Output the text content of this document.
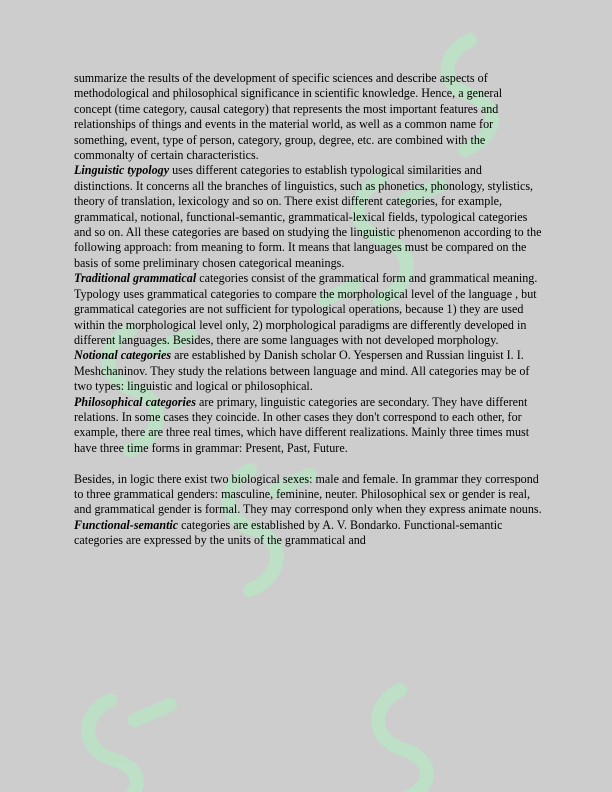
summarize the results of the development of specific sciences and describe aspects of methodological and philosophical significance in scientific knowledge. Hence, a general concept (time category, causal category) that represents the most important features and relationships of things and events in the material world, as well as a common name for something, event, type of person, category, group, degree, etc. are combined with the commonalty of certain characteristics.

Linguistic typology uses different categories to establish typological similarities and distinctions. It concerns all the branches of linguistics, such as phonetics, phonology, stylistics, theory of translation, lexicology and so on. There exist different categories, for example, grammatical, notional, functional-semantic, grammatical-lexical fields, typological categories and so on. All these categories are based on studying the linguistic phenomenon according to the following approach: from meaning to form. It means that languages must be compared on the basis of some preliminary chosen categorical meanings.

Traditional grammatical categories consist of the grammatical form and grammatical meaning. Typology uses grammatical categories to compare the morphological level of the language , but grammatical categories are not sufficient for typological operations, because 1) they are used within the morphological level only, 2) morphological paradigms are differently developed in different languages. Besides, there are some languages with not developed morphology.

Notional categories are established by Danish scholar O. Yespersen and Russian linguist I. I. Meshchaninov. They study the relations between language and mind. All categories may be of two types: linguistic and logical or philosophical.

Philosophical categories are primary, linguistic categories are secondary. They have different relations. In some cases they coincide. In other cases they don't correspond to each other, for example, there are three real times, which have different realizations. Mainly three times must have three time forms in grammar: Present, Past, Future.

Besides, in logic there exist two biological sexes: male and female. In grammar they correspond to three grammatical genders: masculine, feminine, neuter. Philosophical sex or gender is real, and grammatical gender is formal. They may correspond only when they express animate nouns.

Functional-semantic categories are established by A. V. Bondarko. Functional-semantic categories are expressed by the units of the grammatical and
